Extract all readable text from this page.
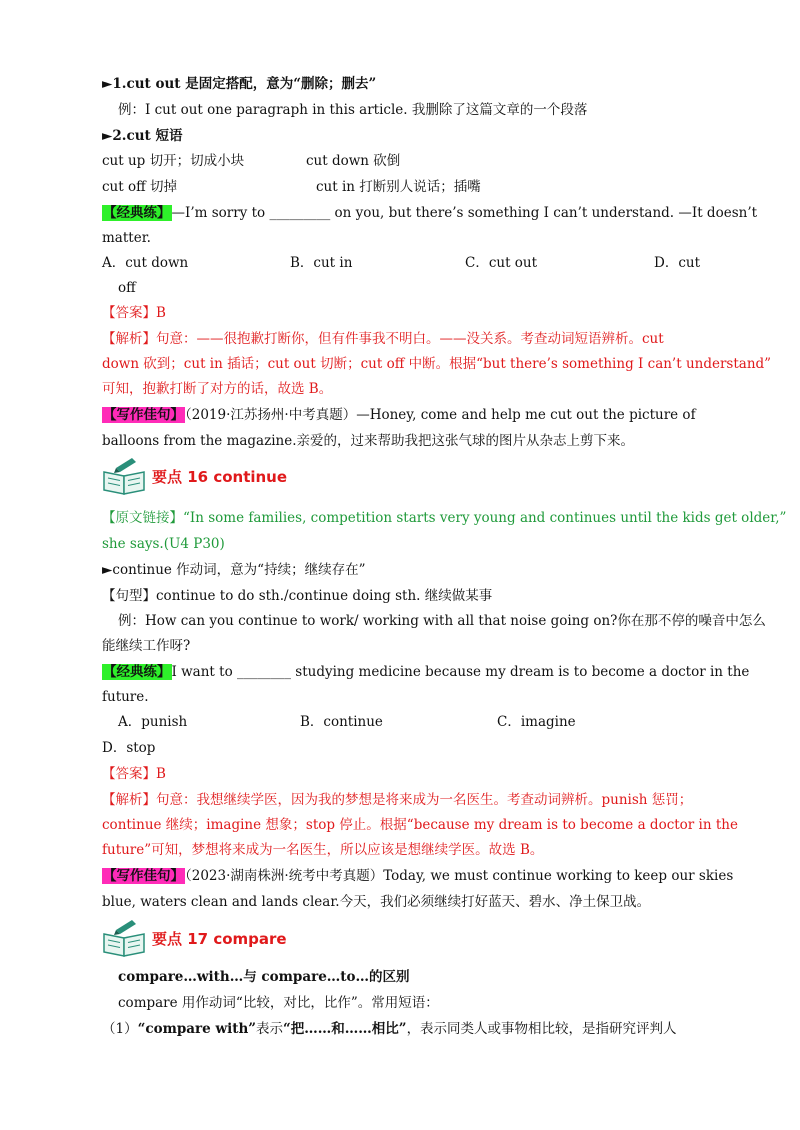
►1.cut out 是固定搭配，意为“删除；删去”
例：I cut out one paragraph in this article. 我删除了这篇文章的一个段落
►2.cut 短语
cut up 切开；切成小块	cut down 砍倒
cut off 切掉	cut in 打断别人说话；插嘴
【经典练】—I’m sorry to _________ on you, but there’s something I can’t understand. —It doesn’t
matter.
A．cut down	B．cut in	C．cut out	D．cut
off
【答案】B
【解析】句意：——很抱歉打断你，但有件事我不明白。——没关系。考查动词短语辨析。cut
down 砍到；cut in 插话；cut out 切断；cut off 中断。根据“but there’s something I can’t understand”
可知，抱歉打断了对方的话，故选 B。
【写作佳句】（2019·江苏扬州·中考真题）—Honey, come and help me cut out the picture of
balloons from the magazine.亲爱的，过来帮助我把这张气球的图片从杂志上剪下来。
要点 16 continue
【原文链接】“In some families, competition starts very young and continues until the kids get older,”
she says.(U4 P30)
►continue 作动词，意为“持续；继续存在”
【句型】continue to do sth./continue doing sth. 继续做某事
例：How can you continue to work/ working with all that noise going on?你在那不停的噪音中怎么
能继续工作呀?
【经典练】I want to ________ studying medicine because my dream is to become a doctor in the
future.
A．punish	B．continue	C．imagine
D．stop
【答案】B
【解析】句意：我想继续学医，因为我的梦想是将来成为一名医生。考查动词辨析。punish 惩罚；
continue 继续；imagine 想象；stop 停止。根据“because my dream is to become a doctor in the
future”可知，梦想将来成为一名医生，所以应该是想继续学医。故选 B。
【写作佳句】（2023·湖南株洲·统考中考真题）Today, we must continue working to keep our skies
blue, waters clean and lands clear.今天，我们必须继续打好蓝天、碧水、净土保卫战。
要点 17 compare
compare…with…与 compare…to…的区别
compare 用作动词“比较，对比，比作”。常用短语：
（1）“compare with”表示“把……和……相比”，表示同类人或事物相比较，是指研究评判人
